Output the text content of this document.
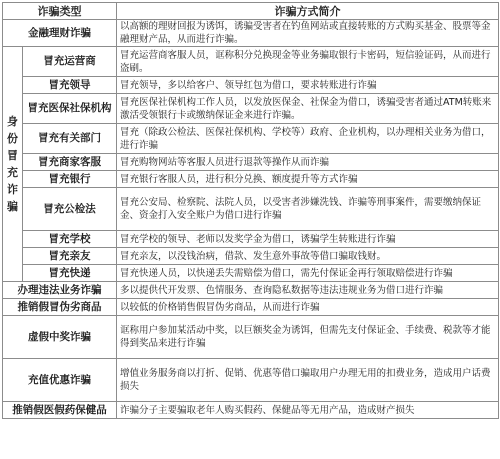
诈骗类型		诈骗方式简介
金融理财诈骗		以高额的理财回报为诱饵，诱骗受害者在钓鱼网站或直接转账的方式购买基金、股票等金融理财产品，从而进行诈骗。
身份冒充诈骗	冒充运营商	冒充运营商客服人员，诓称积分兑换现金等业务骗取银行卡密码，短信验证码，从而进行盗刷。
	冒充领导	冒充领导，多以给客户、领导红包为借口，要求转账进行诈骗
	冒充医保社保机构	冒充医保社保机构工作人员，以发放医保金、社保金为借口，诱骗受害者通过ATM转账来激活受领银行卡或缴纳保证金来进行诈骗。
	冒充有关部门	冒充（除政公检法、医保社保机构、学校等）政府、企业机构，以办理相关业务为借口，进行诈骗
	冒充商家客服	冒充购物网站等客服人员进行退款等操作从而诈骗
	冒充银行	冒充银行客服人员，进行积分兑换、额度提升等方式诈骗
	冒充公检法	冒充公安局、检察院、法院人员，以受害者涉嫌洗钱、诈骗等刑事案件，需要缴纳保证金、资金打入安全账户为借口进行诈骗
	冒充学校	冒充学校的领导、老师以发奖学金为借口，诱骗学生转账进行诈骗
	冒充亲友	冒充亲友，以没钱治病，借款、发生意外事故等借口骗取钱财。
	冒充快递	冒充快递人员，以快递丢失需赔偿为借口，需先付保证金再行领取赔偿进行诈骗
办理违法业务诈骗		多以提供代开发票、色情服务、查询隐私数据等违法违规业务为借口进行诈骗
推销假冒伪劣商品		以较低的价格销售假冒伪劣商品，从而进行诈骗
虚假中奖诈骗		诓称用户参加某活动中奖，以巨额奖金为诱饵，但需先支付保证金、手续费、税款等才能得到奖品来进行诈骗
充值优惠诈骗		增值业务服务商以打折、促销、优惠等借口骗取用户办理无用的扣费业务，造成用户话费损失
推销假医假药保健品		诈骗分子主要骗取老年人购买假药、保健品等无用产品，造成财产损失
